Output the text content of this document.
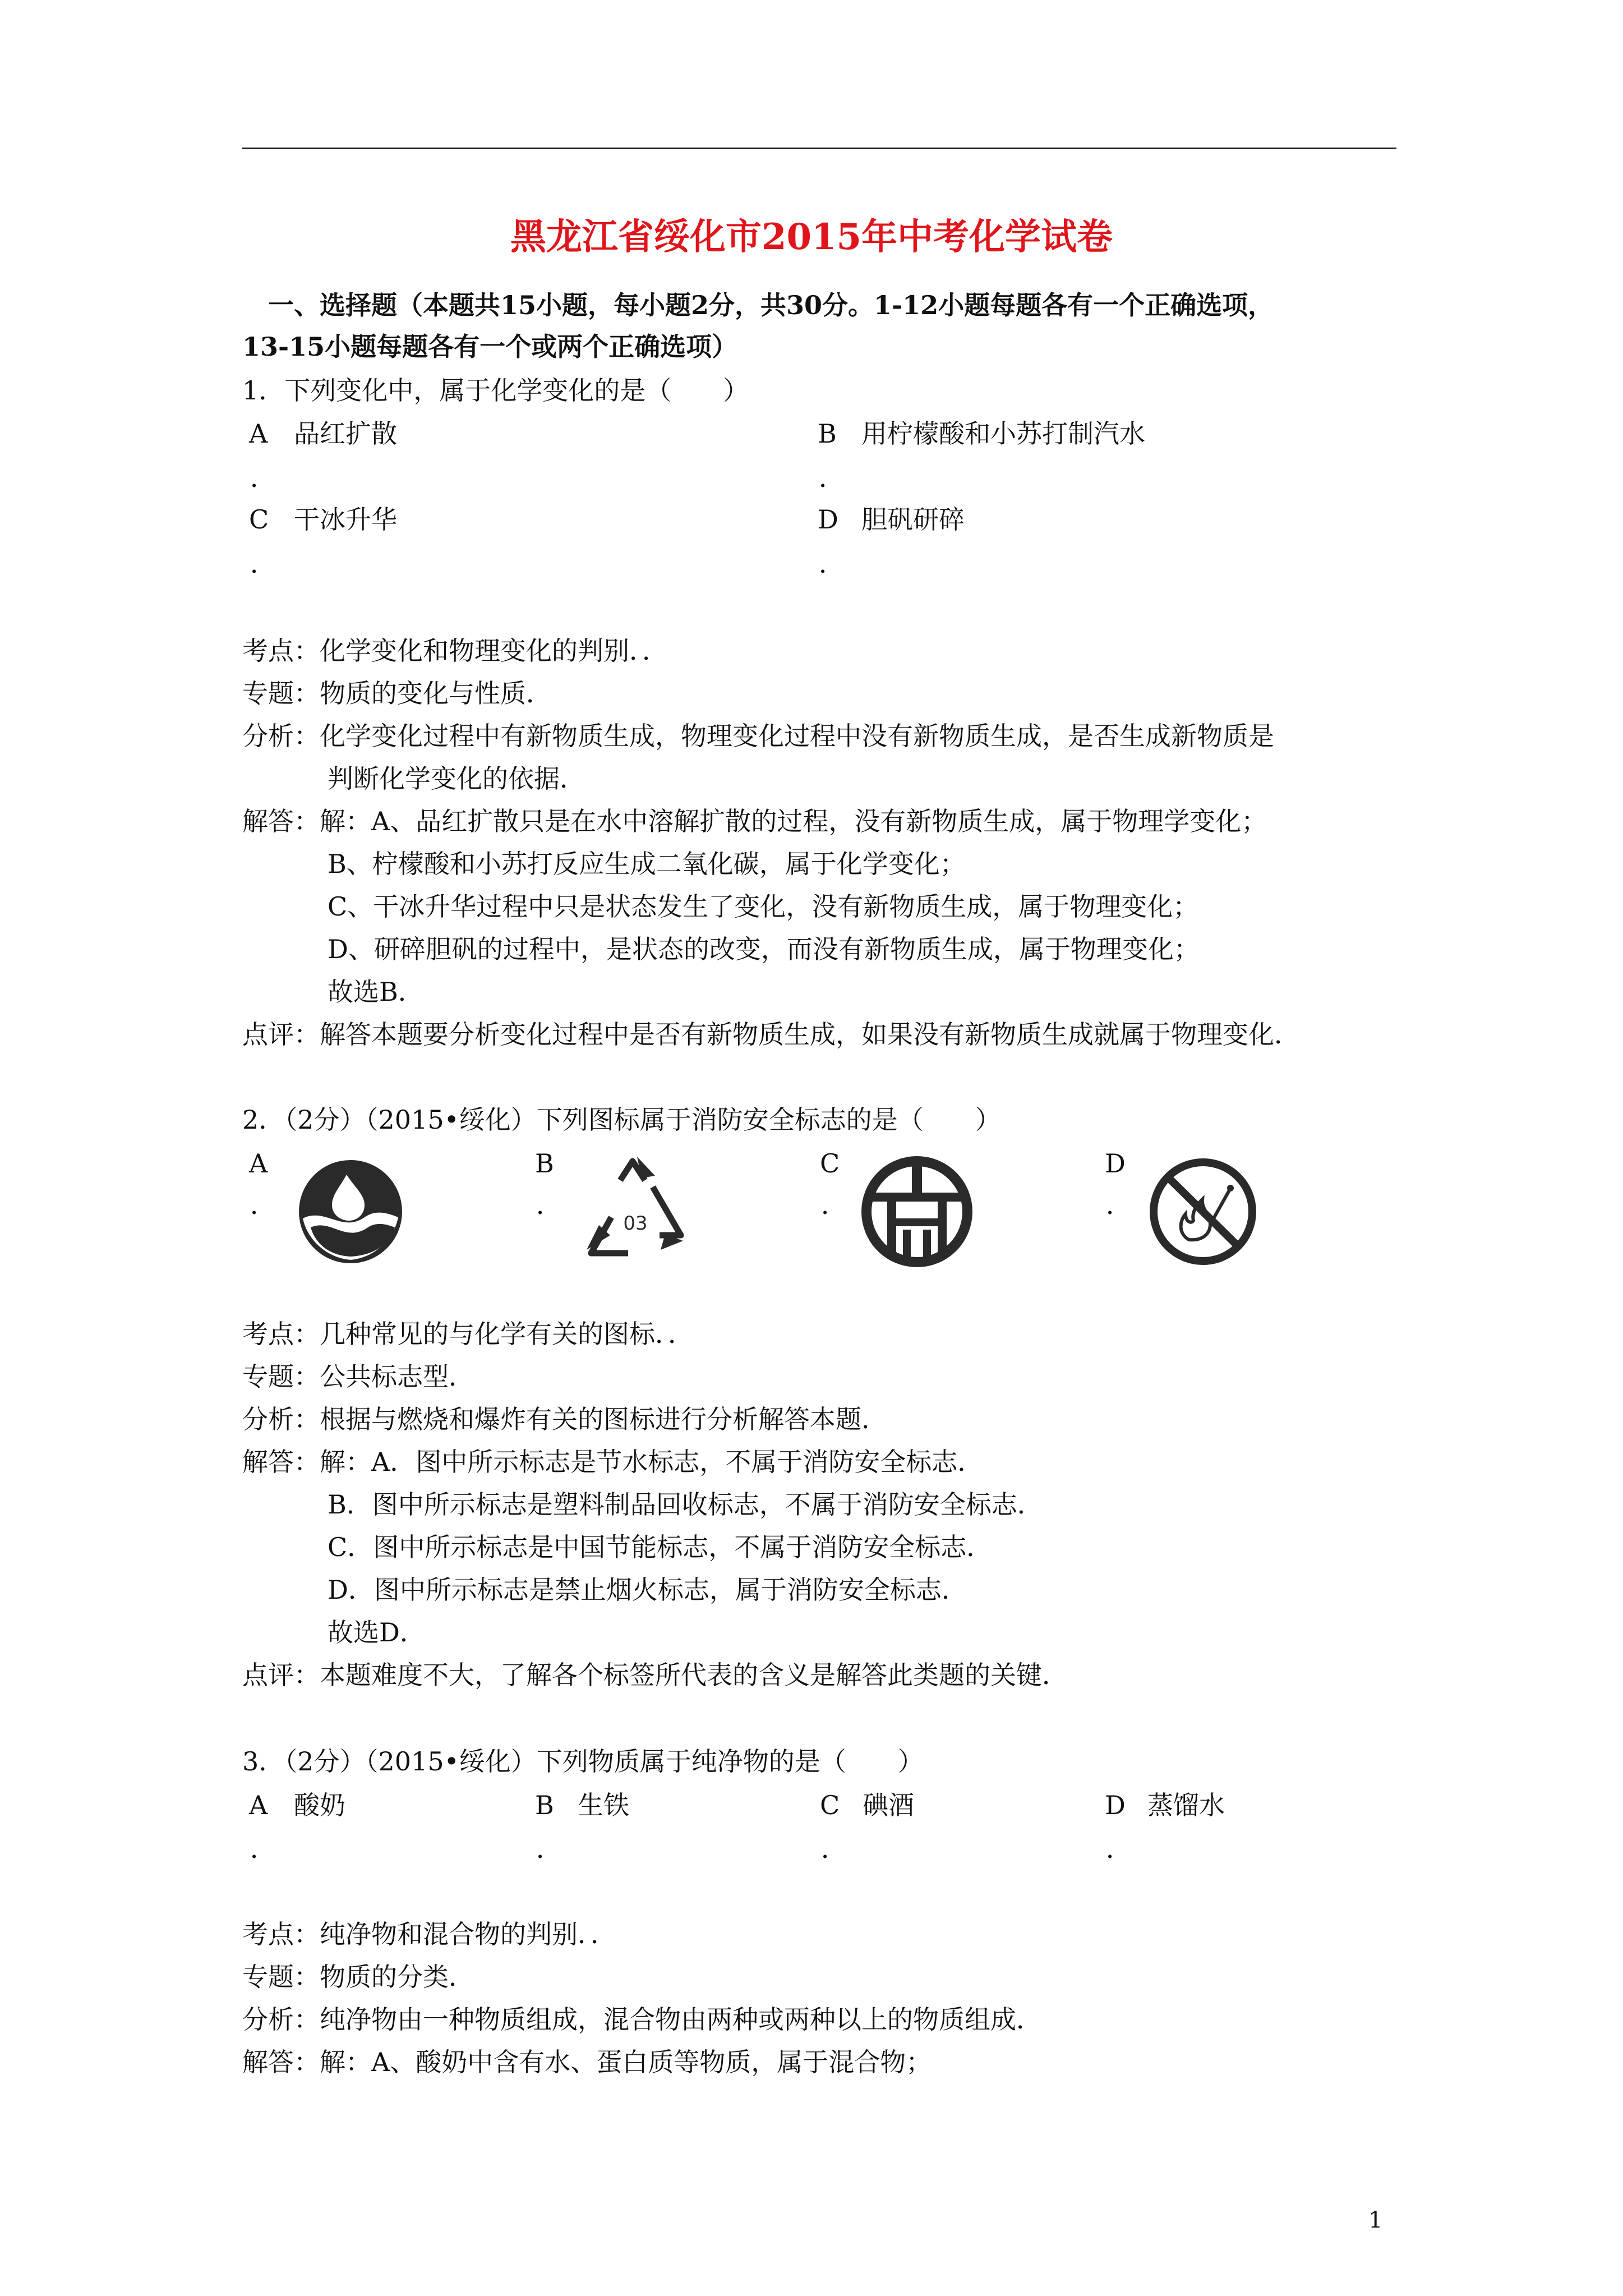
黑龙江省绥化市2015年中考化学试卷
一、选择题（本题共15小题，每小题2分，共30分。1-12小题每题各有一个正确选项，
13-15小题每题各有一个或两个正确选项）
1．下列变化中，属于化学变化的是（　　）
A 品红扩散	B 用柠檬酸和小苏打制汽水
．	．
C 干冰升华	D 胆矾研碎
．	．
考点：化学变化和物理变化的判别．．
专题：物质的变化与性质．
分析：化学变化过程中有新物质生成，物理变化过程中没有新物质生成，是否生成新物质是
判断化学变化的依据．
解答：解：A、品红扩散只是在水中溶解扩散的过程，没有新物质生成，属于物理学变化；
B、柠檬酸和小苏打反应生成二氧化碳，属于化学变化；
C、干冰升华过程中只是状态发生了变化，没有新物质生成，属于物理变化；
D、研碎胆矾的过程中，是状态的改变，而没有新物质生成，属于物理变化；
故选B．
点评：解答本题要分析变化过程中是否有新物质生成，如果没有新物质生成就属于物理变化．
2．（2分）（2015•绥化）下列图标属于消防安全标志的是（　　）
A
．
B
．
C
．
D
．
03
考点：几种常见的与化学有关的图标．．
专题：公共标志型．
分析：根据与燃烧和爆炸有关的图标进行分析解答本题．
解答：解：A．图中所示标志是节水标志，不属于消防安全标志．
B．图中所示标志是塑料制品回收标志，不属于消防安全标志．
C．图中所示标志是中国节能标志，不属于消防安全标志．
D．图中所示标志是禁止烟火标志，属于消防安全标志．
故选D．
点评：本题难度不大，了解各个标签所代表的含义是解答此类题的关键．
3．（2分）（2015•绥化）下列物质属于纯净物的是（　　）
A 酸奶	B 生铁	C 碘酒	D 蒸馏水
．	．	．	．
考点：纯净物和混合物的判别．．
专题：物质的分类．
分析：纯净物由一种物质组成，混合物由两种或两种以上的物质组成．
解答：解：A、酸奶中含有水、蛋白质等物质，属于混合物；
1
